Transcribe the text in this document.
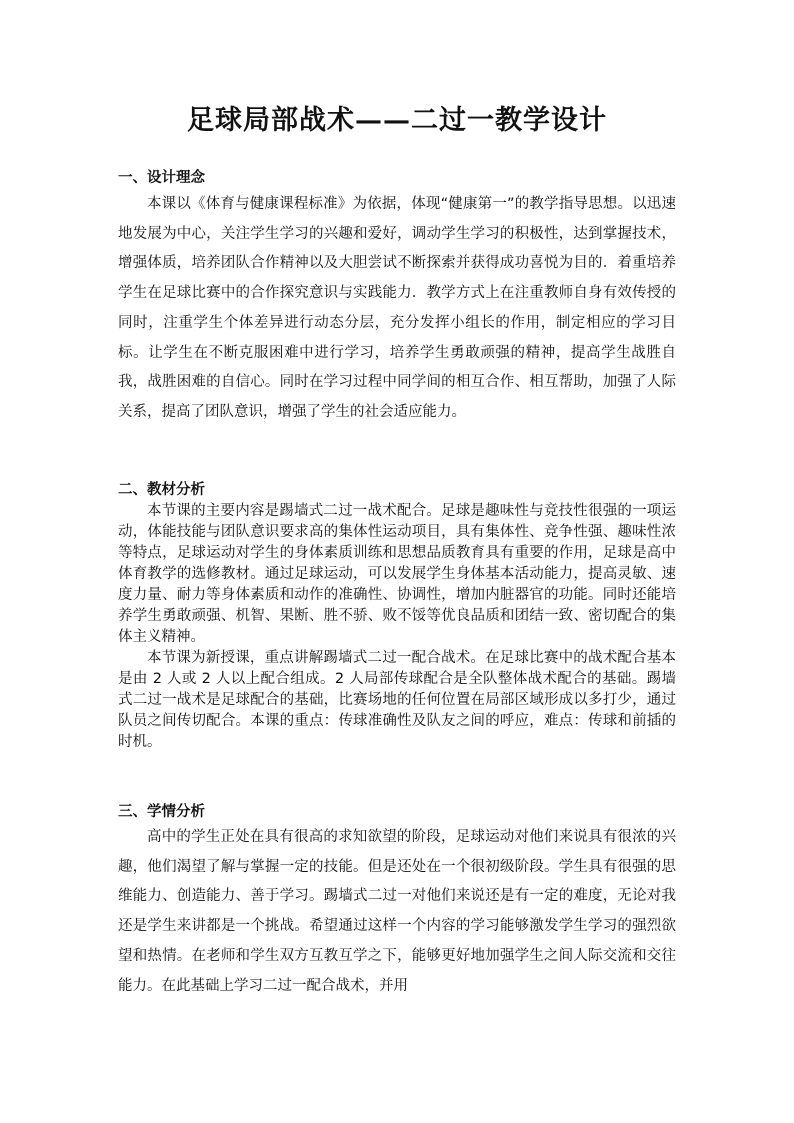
足球局部战术——二过一教学设计
一、设计理念

本课以《体育与健康课程标准》为依据，体现“健康第一”的教学指导思想。以迅速地发展为中心，关注学生学习的兴趣和爱好，调动学生学习的积极性，达到掌握技术，增强体质，培养团队合作精神以及大胆尝试不断探索并获得成功喜悦为目的．着重培养学生在足球比赛中的合作探究意识与实践能力．教学方式上在注重教师自身有效传授的同时，注重学生个体差异进行动态分层，充分发挥小组长的作用，制定相应的学习目标。让学生在不断克服困难中进行学习，培养学生勇敢顽强的精神，提高学生战胜自我，战胜困难的自信心。同时在学习过程中同学间的相互合作、相互帮助，加强了人际关系，提高了团队意识，增强了学生的社会适应能力。

二、教材分析

本节课的主要内容是踢墙式二过一战术配合。足球是趣味性与竞技性很强的一项运动，体能技能与团队意识要求高的集体性运动项目，具有集体性、竞争性强、趣味性浓等特点，足球运动对学生的身体素质训练和思想品质教育具有重要的作用，足球是高中体育教学的选修教材。通过足球运动，可以发展学生身体基本活动能力，提高灵敏、速度力量、耐力等身体素质和动作的准确性、协调性，增加内脏器官的功能。同时还能培养学生勇敢顽强、机智、果断、胜不骄、败不馁等优良品质和团结一致、密切配合的集体主义精神。

本节课为新授课，重点讲解踢墙式二过一配合战术。在足球比赛中的战术配合基本是由 2 人或 2 人以上配合组成。2 人局部传球配合是全队整体战术配合的基础。踢墙式二过一战术是足球配合的基础，比赛场地的任何位置在局部区域形成以多打少，通过队员之间传切配合。本课的重点：传球准确性及队友之间的呼应，难点：传球和前插的时机。

三、学情分析

高中的学生正处在具有很高的求知欲望的阶段，足球运动对他们来说具有很浓的兴趣，他们渴望了解与掌握一定的技能。但是还处在一个很初级阶段。学生具有很强的思维能力、创造能力、善于学习。踢墙式二过一对他们来说还是有一定的难度，无论对我还是学生来讲都是一个挑战。希望通过这样一个内容的学习能够激发学生学习的强烈欲望和热情。在老师和学生双方互教互学之下，能够更好地加强学生之间人际交流和交往能力。在此基础上学习二过一配合战术，并用
